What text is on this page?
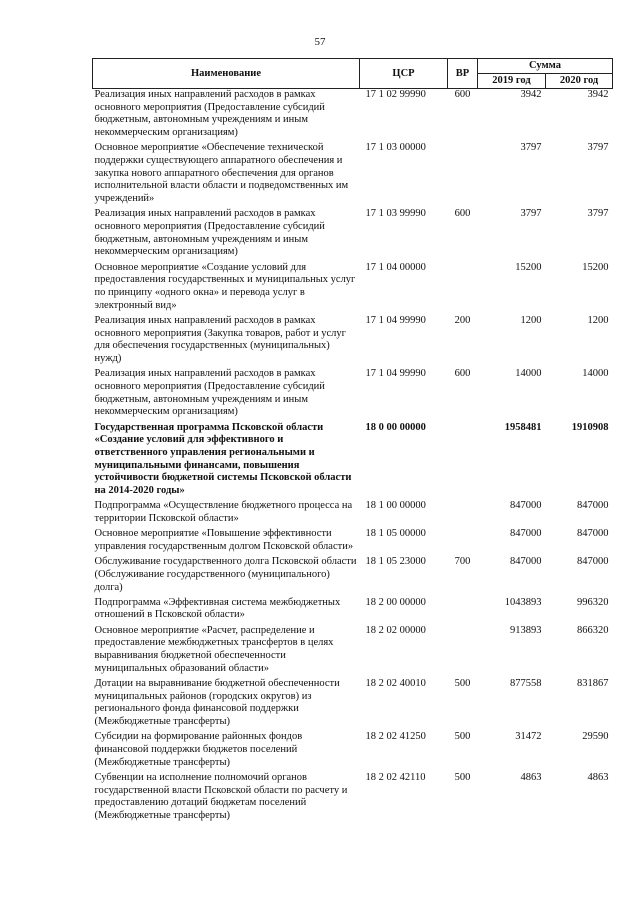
57
Наименование	ЦСР	ВР	Сумма	
			2019 год	2020 год
Реализация иных направлений расходов в рамках основного мероприятия (Предоставление субсидий бюджетным, автономным учреждениям и иным некоммерческим организациям)	17 1 02 99990	600	3942	3942
Основное мероприятие «Обеспечение технической поддержки существующего аппаратного обеспечения и закупка нового аппаратного обеспечения для органов исполнительной власти области и подведомственных им учреждений»	17 1 03 00000		3797	3797
Реализация иных направлений расходов в рамках основного мероприятия (Предоставление субсидий бюджетным, автономным учреждениям и иным некоммерческим организациям)	17 1 03 99990	600	3797	3797
Основное мероприятие «Создание условий для предоставления государственных и муниципальных услуг по принципу «одного окна» и перевода услуг в электронный вид»	17 1 04 00000		15200	15200
Реализация иных направлений расходов в рамках основного мероприятия (Закупка товаров, работ и услуг для обеспечения государственных (муниципальных) нужд)	17 1 04 99990	200	1200	1200
Реализация иных направлений расходов в рамках основного мероприятия (Предоставление субсидий бюджетным, автономным учреждениям и иным некоммерческим организациям)	17 1 04 99990	600	14000	14000
Государственная программа Псковской области «Создание условий для эффективного и ответственного управления региональными и муниципальными финансами, повышения устойчивости бюджетной системы Псковской области на 2014-2020 годы»	18 0 00 00000		1958481	1910908
Подпрограмма «Осуществление бюджетного процесса на территории Псковской области»	18 1 00 00000		847000	847000
Основное мероприятие «Повышение эффективности управления государственным долгом Псковской области»	18 1 05 00000		847000	847000
Обслуживание государственного долга Псковской области (Обслуживание государственного (муниципального) долга)	18 1 05 23000	700	847000	847000
Подпрограмма «Эффективная система межбюджетных отношений в Псковской области»	18 2 00 00000		1043893	996320
Основное мероприятие «Расчет, распределение и предоставление межбюджетных трансфертов в целях выравнивания бюджетной обеспеченности муниципальных образований области»	18 2 02 00000		913893	866320
Дотации на выравнивание бюджетной обеспеченности муниципальных районов (городских округов) из регионального фонда финансовой поддержки (Межбюджетные трансферты)	18 2 02 40010	500	877558	831867
Субсидии на формирование районных фондов финансовой поддержки бюджетов поселений (Межбюджетные трансферты)	18 2 02 41250	500	31472	29590
Субвенции на исполнение полномочий органов государственной власти Псковской области по расчету и предоставлению дотаций бюджетам поселений (Межбюджетные трансферты)	18 2 02 42110	500	4863	4863
